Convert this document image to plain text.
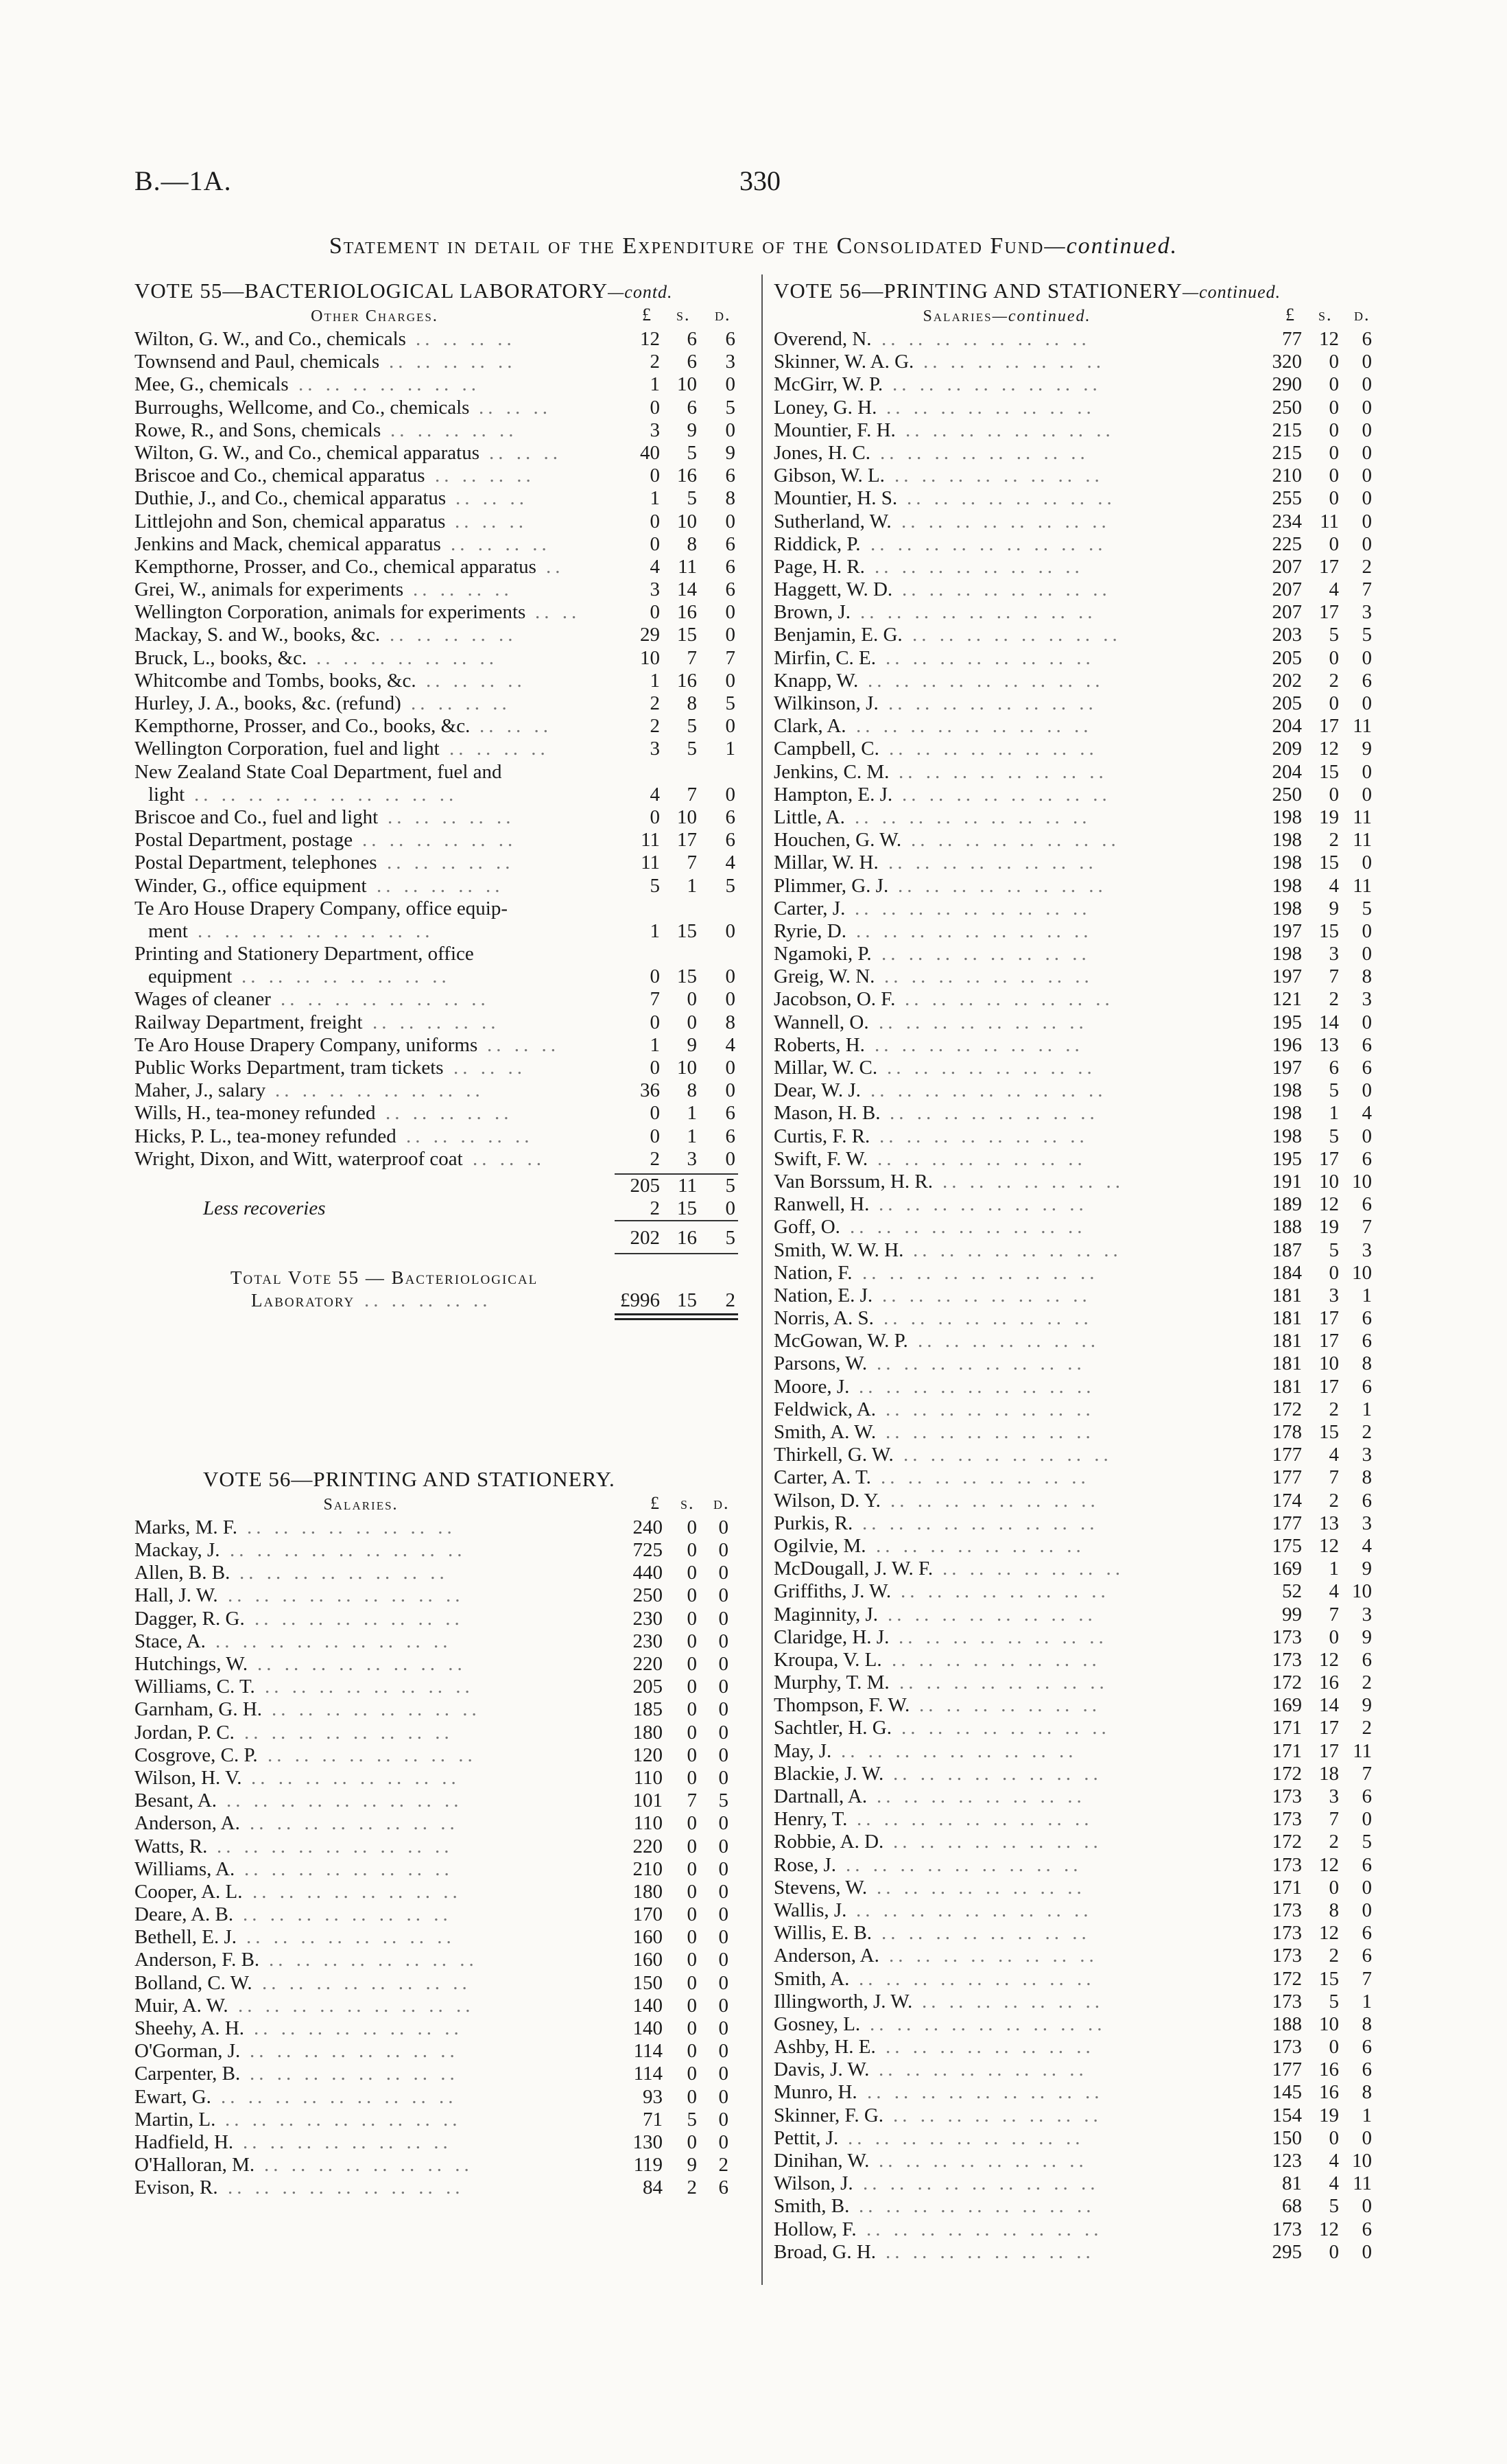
B.—1A.	330
Statement in detail of the Expenditure of the Consolidated Fund—continued.
VOTE 55—BACTERIOLOGICAL LABORATORY—contd.
Other Charges.	£ s. d.
Wilton, G. W., and Co., chemicals .. .. .. ..	12	6	6
Townsend and Paul, chemicals .. .. .. .. ..	2	6	3
Mee, G., chemicals .. .. .. .. .. .. ..	1 10	0
Burroughs, Wellcome, and Co., chemicals .. .. ..	0	6	5
Rowe, R., and Sons, chemicals .. .. .. .. ..	3	9	0
Wilton, G. W., and Co., chemical apparatus .. .. ..	40	5	9
Briscoe and Co., chemical apparatus .. .. .. ..	0 16	6
Duthie, J., and Co., chemical apparatus .. .. ..	1	5	8
Littlejohn and Son, chemical apparatus .. .. ..	0 10	0
Jenkins and Mack, chemical apparatus .. .. .. ..	0	8	6
Kempthorne, Prosser, and Co., chemical apparatus ..	4 11	6
Grei, W., animals for experiments .. .. .. ..	3 14	6
Wellington Corporation, animals for experiments .. ..	0 16	0
Mackay, S. and W., books, &c. .. .. .. .. ..	29 15	0
Bruck, L., books, &c. .. .. .. .. .. .. ..	10	7	7
Whitcombe and Tombs, books, &c. .. .. .. ..	1 16	0
Hurley, J. A., books, &c. (refund) .. .. .. ..	2	8	5
Kempthorne, Prosser, and Co., books, &c. .. .. ..	2	5	0
Wellington Corporation, fuel and light .. .. .. ..	3	5	1
New Zealand State Coal Department, fuel and
light .. .. .. .. .. .. .. .. .. ..	4	7	0
Briscoe and Co., fuel and light .. .. .. .. ..	0 10	6
Postal Department, postage .. .. .. .. .. ..	11 17	6
Postal Department, telephones .. .. .. .. ..	11	7	4
Winder, G., office equipment .. .. .. .. ..	5	1	5
Te Aro House Drapery Company, office equip-
ment .. .. .. .. .. .. .. .. ..	1 15	0
Printing and Stationery Department, office
equipment .. .. .. .. .. .. .. ..	0 15	0
Wages of cleaner .. .. .. .. .. .. .. ..	7	0	0
Railway Department, freight .. .. .. .. ..	0	0	8
Te Aro House Drapery Company, uniforms .. .. ..	1	9	4
Public Works Department, tram tickets .. .. ..	0 10	0
Maher, J., salary .. .. .. .. .. .. .. ..	36	8	0
Wills, H., tea-money refunded .. .. .. .. ..	0	1	6
Hicks, P. L., tea-money refunded .. .. .. .. ..	0	1	6
Wright, Dixon, and Witt, waterproof coat .. .. ..	2	3	0
205 11	5
Less recoveries	2 15	0
202 16	5
Total Vote 55 — Bacteriological
Laboratory .. .. .. .. ..	£996 15	2
VOTE 56—PRINTING AND STATIONERY.
Salaries.	£ s. d.
Marks, M. F. .. .. .. .. .. .. .. ..	240	0	0
Mackay, J. .. .. .. .. .. .. .. .. ..	725	0	0
Allen, B. B. .. .. .. .. .. .. .. ..	440	0	0
Hall, J. W. .. .. .. .. .. .. .. .. ..	250	0	0
Dagger, R. G. .. .. .. .. .. .. .. ..	230	0	0
Stace, A. .. .. .. .. .. .. .. .. ..	230	0	0
Hutchings, W. .. .. .. .. .. .. .. ..	220	0	0
Williams, C. T. .. .. .. .. .. .. .. ..	205	0	0
Garnham, G. H. .. .. .. .. .. .. .. ..	185	0	0
Jordan, P. C. .. .. .. .. .. .. .. ..	180	0	0
Cosgrove, C. P. .. .. .. .. .. .. .. ..	120	0	0
Wilson, H. V. .. .. .. .. .. .. .. ..	110	0	0
Besant, A. .. .. .. .. .. .. .. .. ..	101	7	5
Anderson, A. .. .. .. .. .. .. .. ..	110	0	0
Watts, R. .. .. .. .. .. .. .. .. ..	220	0	0
Williams, A. .. .. .. .. .. .. .. ..	210	0	0
Cooper, A. L. .. .. .. .. .. .. .. ..	180	0	0
Deare, A. B. .. .. .. .. .. .. .. ..	170	0	0
Bethell, E. J. .. .. .. .. .. .. .. ..	160	0	0
Anderson, F. B. .. .. .. .. .. .. .. ..	160	0	0
Bolland, C. W. .. .. .. .. .. .. .. ..	150	0	0
Muir, A. W. .. .. .. .. .. .. .. .. ..	140	0	0
Sheehy, A. H. .. .. .. .. .. .. .. ..	140	0	0
O'Gorman, J. .. .. .. .. .. .. .. ..	114	0	0
Carpenter, B. .. .. .. .. .. .. .. ..	114	0	0
Ewart, G. .. .. .. .. .. .. .. .. ..	93	0	0
Martin, L. .. .. .. .. .. .. .. .. ..	71	5	0
Hadfield, H. .. .. .. .. .. .. .. ..	130	0	0
O'Halloran, M. .. .. .. .. .. .. .. ..	119	9	2
Evison, R. .. .. .. .. .. .. .. .. ..	84	2	6
VOTE 56—PRINTING AND STATIONERY—continued.
Salaries—continued.	£ s. d.
Overend, N. .. .. .. .. .. .. .. ..	77 12	6
Skinner, W. A. G. .. .. .. .. .. .. ..	320	0	0
McGirr, W. P. .. .. .. .. .. .. .. ..	290	0	0
Loney, G. H. .. .. .. .. .. .. .. ..	250	0	0
Mountier, F. H. .. .. .. .. .. .. .. ..	215	0	0
Jones, H. C. .. .. .. .. .. .. .. ..	215	0	0
Gibson, W. L. .. .. .. .. .. .. .. ..	210	0	0
Mountier, H. S. .. .. .. .. .. .. .. ..	255	0	0
Sutherland, W. .. .. .. .. .. .. .. ..	234 11	0
Riddick, P. .. .. .. .. .. .. .. .. ..	225	0	0
Page, H. R. .. .. .. .. .. .. .. ..	207 17	2
Haggett, W. D. .. .. .. .. .. .. .. ..	207	4	7
Brown, J. .. .. .. .. .. .. .. .. ..	207 17	3
Benjamin, E. G. .. .. .. .. .. .. .. ..	203	5	5
Mirfin, C. E. .. .. .. .. .. .. .. ..	205	0	0
Knapp, W. .. .. .. .. .. .. .. .. ..	202	2	6
Wilkinson, J. .. .. .. .. .. .. .. ..	205	0	0
Clark, A. .. .. .. .. .. .. .. .. ..	204 17 11
Campbell, C. .. .. .. .. .. .. .. ..	209 12	9
Jenkins, C. M. .. .. .. .. .. .. .. ..	204 15	0
Hampton, E. J. .. .. .. .. .. .. .. ..	250	0	0
Little, A. .. .. .. .. .. .. .. .. ..	198 19 11
Houchen, G. W. .. .. .. .. .. .. .. ..	198	2 11
Millar, W. H. .. .. .. .. .. .. .. ..	198 15	0
Plimmer, G. J. .. .. .. .. .. .. .. ..	198	4 11
Carter, J. .. .. .. .. .. .. .. .. ..	198	9	5
Ryrie, D. .. .. .. .. .. .. .. .. ..	197 15	0
Ngamoki, P. .. .. .. .. .. .. .. ..	198	3	0
Greig, W. N. .. .. .. .. .. .. .. ..	197	7	8
Jacobson, O. F. .. .. .. .. .. .. .. ..	121	2	3
Wannell, O. .. .. .. .. .. .. .. ..	195 14	0
Roberts, H. .. .. .. .. .. .. .. ..	196 13	6
Millar, W. C. .. .. .. .. .. .. .. ..	197	6	6
Dear, W. J. .. .. .. .. .. .. .. .. ..	198	5	0
Mason, H. B. .. .. .. .. .. .. .. ..	198	1	4
Curtis, F. R. .. .. .. .. .. .. .. ..	198	5	0
Swift, F. W. .. .. .. .. .. .. .. ..	195 17	6
Van Borssum, H. R. .. .. .. .. .. .. ..	191 10 10
Ranwell, H. .. .. .. .. .. .. .. ..	189 12	6
Goff, O. .. .. .. .. .. .. .. .. ..	188 19	7
Smith, W. W. H. .. .. .. .. .. .. .. ..	187	5	3
Nation, F. .. .. .. .. .. .. .. .. ..	184	0 10
Nation, E. J. .. .. .. .. .. .. .. ..	181	3	1
Norris, A. S. .. .. .. .. .. .. .. ..	181 17	6
McGowan, W. P. .. .. .. .. .. .. ..	181 17	6
Parsons, W. .. .. .. .. .. .. .. ..	181 10	8
Moore, J. .. .. .. .. .. .. .. .. ..	181 17	6
Feldwick, A. .. .. .. .. .. .. .. ..	172	2	1
Smith, A. W. .. .. .. .. .. .. .. ..	178 15	2
Thirkell, G. W. .. .. .. .. .. .. .. ..	177	4	3
Carter, A. T. .. .. .. .. .. .. .. ..	177	7	8
Wilson, D. Y. .. .. .. .. .. .. .. ..	174	2	6
Purkis, R. .. .. .. .. .. .. .. .. ..	177 13	3
Ogilvie, M. .. .. .. .. .. .. .. ..	175 12	4
McDougall, J. W. F. .. .. .. .. .. .. ..	169	1	9
Griffiths, J. W. .. .. .. .. .. .. .. ..	52	4 10
Maginnity, J. .. .. .. .. .. .. .. ..	99	7	3
Claridge, H. J. .. .. .. .. .. .. .. ..	173	0	9
Kroupa, V. L. .. .. .. .. .. .. .. ..	173 12	6
Murphy, T. M. .. .. .. .. .. .. .. ..	172 16	2
Thompson, F. W. .. .. .. .. .. .. ..	169 14	9
Sachtler, H. G. .. .. .. .. .. .. .. ..	171 17	2
May, J. .. .. .. .. .. .. .. .. ..	171 17 11
Blackie, J. W. .. .. .. .. .. .. .. ..	172 18	7
Dartnall, A. .. .. .. .. .. .. .. ..	173	3	6
Henry, T. .. .. .. .. .. .. .. .. ..	173	7	0
Robbie, A. D. .. .. .. .. .. .. .. ..	172	2	5
Rose, J. .. .. .. .. .. .. .. .. ..	173 12	6
Stevens, W. .. .. .. .. .. .. .. ..	171	0	0
Wallis, J. .. .. .. .. .. .. .. .. ..	173	8	0
Willis, E. B. .. .. .. .. .. .. .. ..	173 12	6
Anderson, A. .. .. .. .. .. .. .. ..	173	2	6
Smith, A. .. .. .. .. .. .. .. .. ..	172 15	7
Illingworth, J. W. .. .. .. .. .. .. ..	173	5	1
Gosney, L. .. .. .. .. .. .. .. .. ..	188 10	8
Ashby, H. E. .. .. .. .. .. .. .. ..	173	0	6
Davis, J. W. .. .. .. .. .. .. .. ..	177 16	6
Munro, H. .. .. .. .. .. .. .. .. ..	145 16	8
Skinner, F. G. .. .. .. .. .. .. .. ..	154 19	1
Pettit, J. .. .. .. .. .. .. .. .. ..	150	0	0
Dinihan, W. .. .. .. .. .. .. .. ..	123	4 10
Wilson, J. .. .. .. .. .. .. .. .. ..	81	4 11
Smith, B. .. .. .. .. .. .. .. .. ..	68	5	0
Hollow, F. .. .. .. .. .. .. .. .. ..	173 12	6
Broad, G. H. .. .. .. .. .. .. .. ..	295	0	0
